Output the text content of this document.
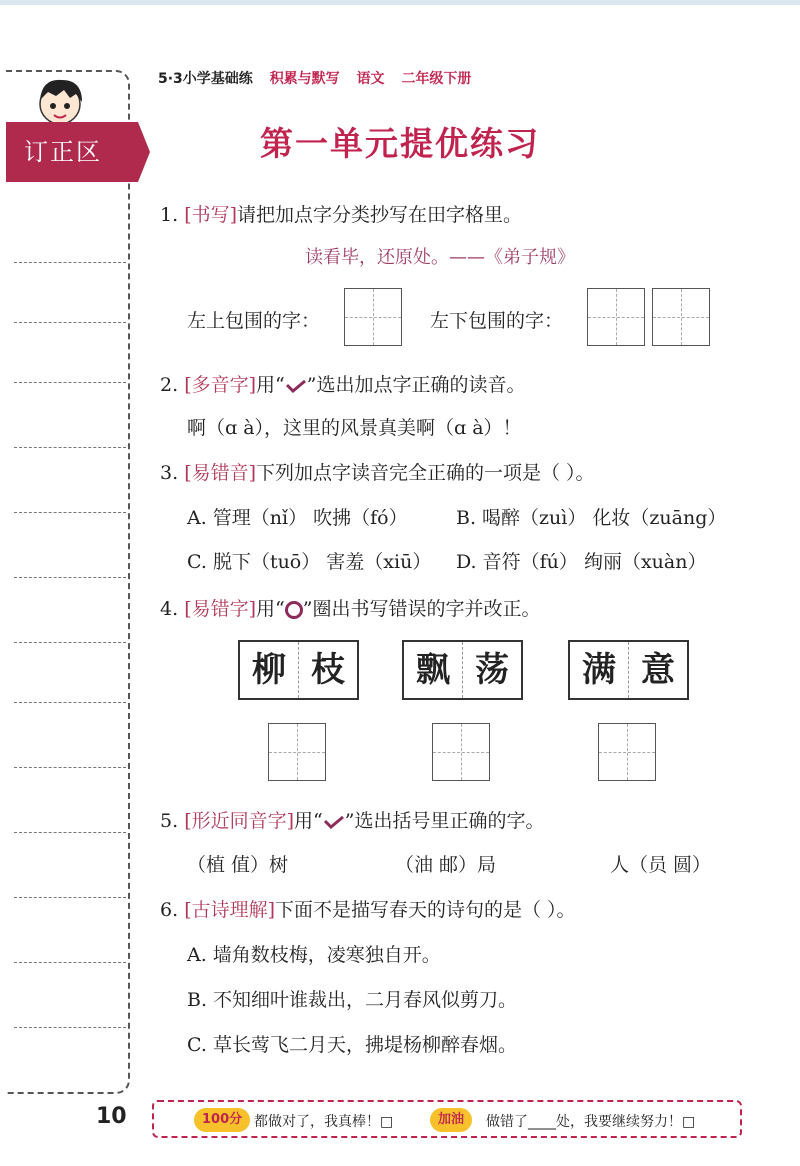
订正区
5·3小学基础练 积累与默写 语文 二年级下册
第一单元提优练习
1. [书写]请把加点字分类抄写在田字格里。
读看毕，还原处。——《弟子规》
左上包围的字：	左下包围的字：
2. [多音字]用“ ”选出加点字正确的读音。
啊（ɑ à），这里的风景真美啊（ɑ à）！
3. [易错音]下列加点字读音完全正确的一项是（ ）。
A. 管理（nǐ） 吹拂（fó）	B. 喝醉（zuì） 化妆（zuāng）
C. 脱下（tuō） 害羞（xiū） D. 音符（fú） 绚丽（xuàn）
4. [易错字]用“ ”圈出书写错误的字并改正。
柳 枝	飘 荡	满 意
5. [形近同音字]用“ ”选出括号里正确的字。
（植 值）树	（油 邮）局	人（员 圆）
6. [古诗理解]下面不是描写春天的诗句的是（ ）。
A. 墙角数枝梅，凌寒独自开。
B. 不知细叶谁裁出，二月春风似剪刀。
C. 草长莺飞二月天，拂堤杨柳醉春烟。
10	100分 都做对了，我真棒！□	加油	做错了____处，我要继续努力！□
